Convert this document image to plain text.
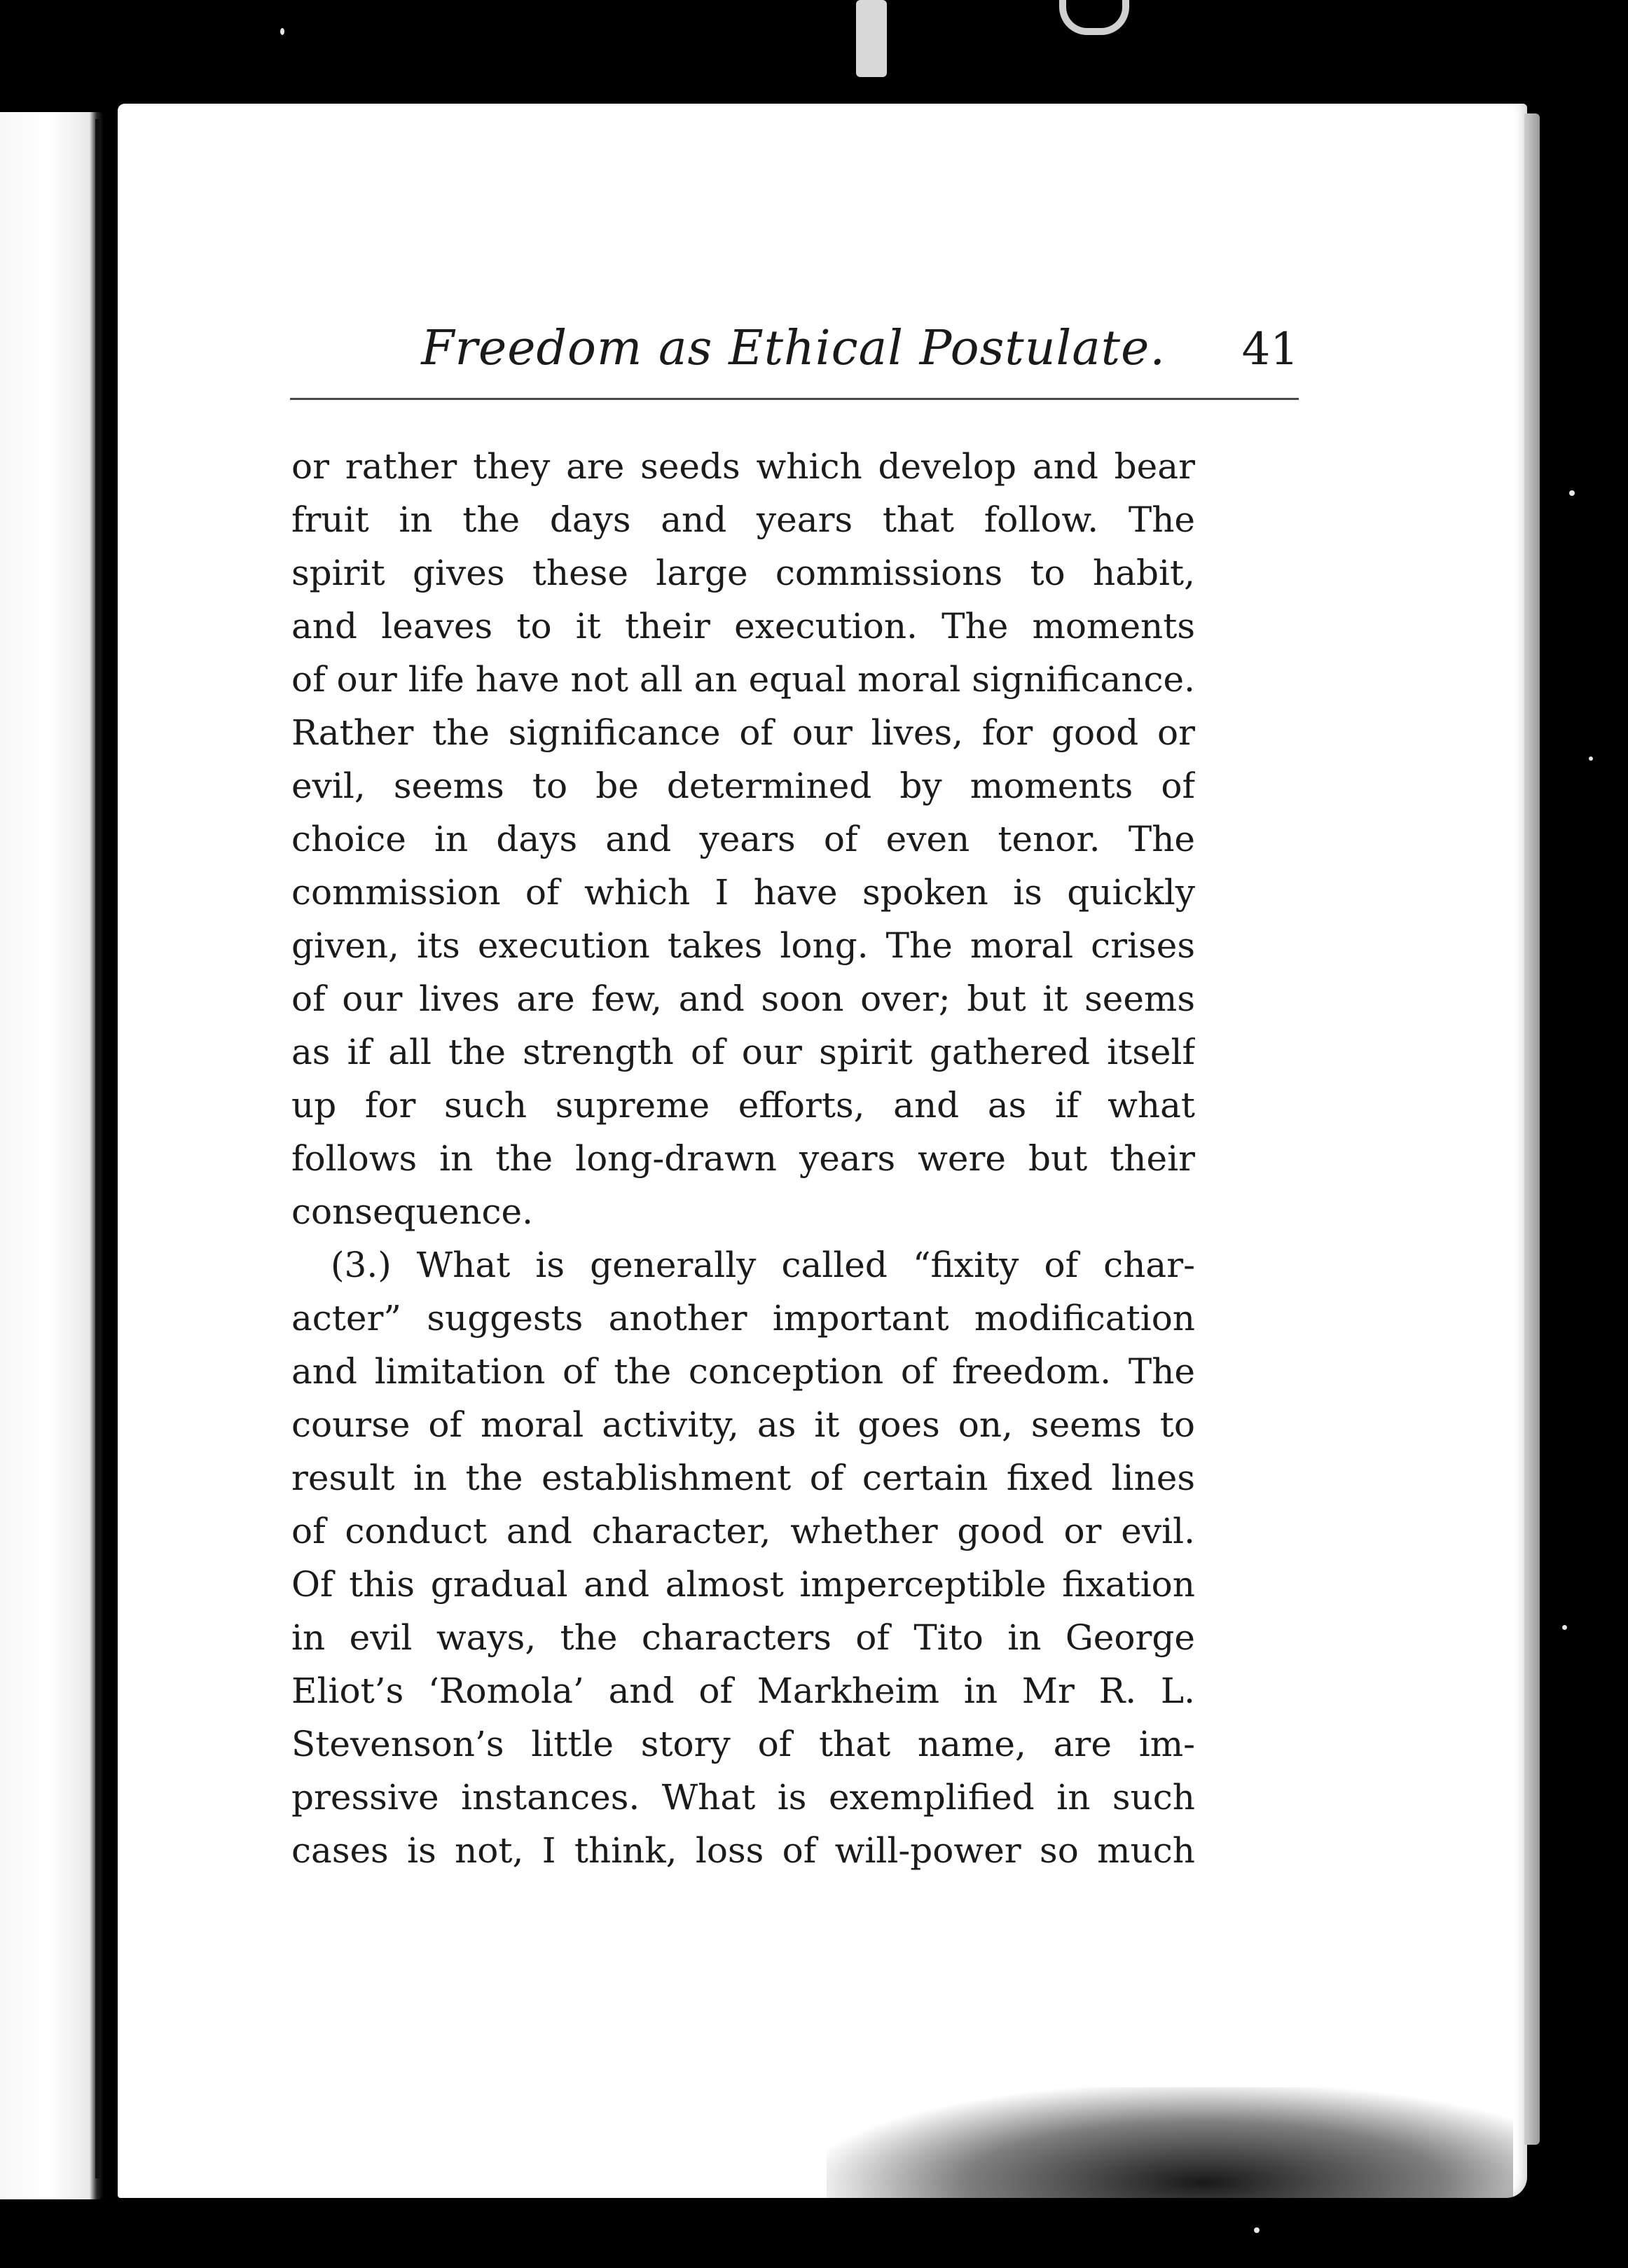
Freedom as Ethical Postulate. 41
or rather they are seeds which develop and bear
fruit in the days and years that follow. The
spirit gives these large commissions to habit,
and leaves to it their execution. The moments
of our life have not all an equal moral significance.
Rather the significance of our lives, for good or
evil, seems to be determined by moments of
choice in days and years of even tenor. The
commission of which I have spoken is quickly
given, its execution takes long. The moral crises
of our lives are few, and soon over; but it seems
as if all the strength of our spirit gathered itself
up for such supreme efforts, and as if what
follows in the long-drawn years were but their
consequence.
(3.) What is generally called “fixity of char-
acter” suggests another important modification
and limitation of the conception of freedom. The
course of moral activity, as it goes on, seems to
result in the establishment of certain fixed lines
of conduct and character, whether good or evil.
Of this gradual and almost imperceptible fixation
in evil ways, the characters of Tito in George
Eliot’s ‘Romola’ and of Markheim in Mr R. L.
Stevenson’s little story of that name, are im-
pressive instances. What is exemplified in such
cases is not, I think, loss of will-power so much
